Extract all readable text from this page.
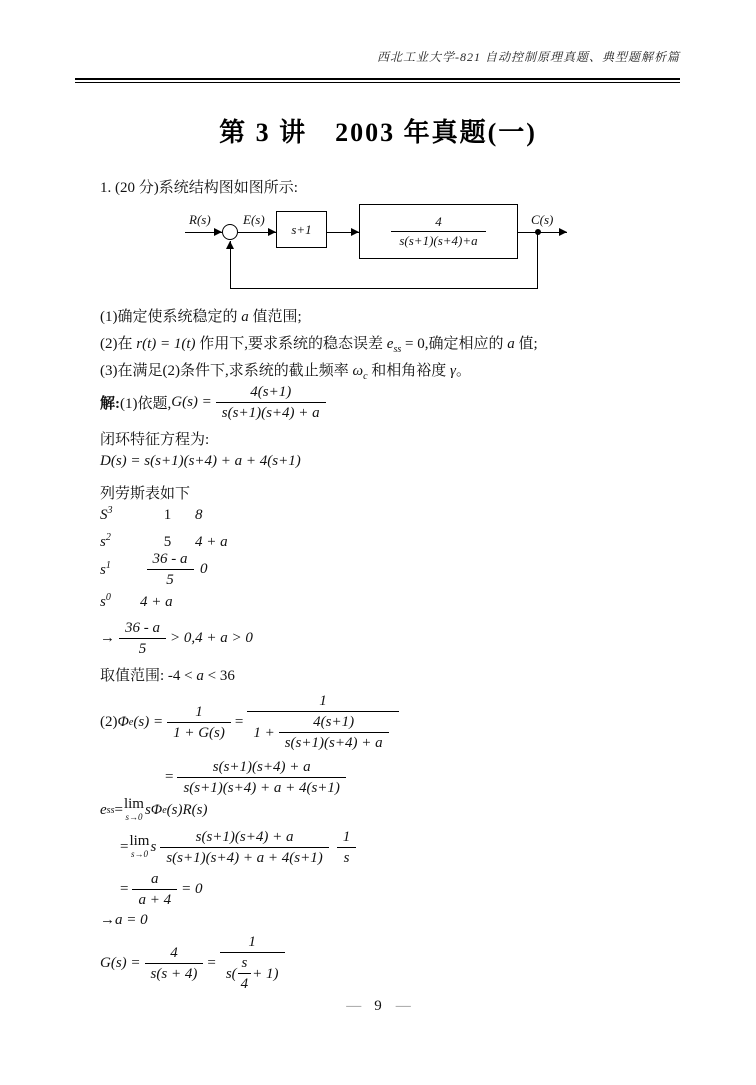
西北工业大学-821 自动控制原理真题、典型题解析篇
第 3 讲　2003 年真题(一)
1. (20 分)系统结构图如图所示:
R(s) E(s)
s+1	$\frac{4}{s(s+1)(s+4)+a}$	C(s)
(1)确定使系统稳定的 a 值范围;
(2)在 r(t) = 1(t) 作用下,要求系统的稳态误差 $e_{ss} = 0$,确定相应的 a 值;
(3)在满足(2)条件下,求系统的截止频率 $\omega_c$ 和相角裕度 γ。
解: (1)依题, $G(s) = \frac{4(s+1)}{s(s+1)(s+4) + a}$
闭环特征方程为:
D(s) = s(s+1)(s+4) + a + 4(s+1)
列劳斯表如下
$S^3$	1 8
$s^2$	5 4 + a
$s^1$	$\frac{36 - a}{5} 0$
$s^0$ 4 + a
→ $\frac{36 - a}{5} > 0,4 + a > 0$
取值范围: -4 < a < 36
(2) Φ e $(s) = \frac{1}{1 + G(s)} = \frac{1}{1 + \frac{4(s+1)}{s(s+1)(s+4) + a}}$
= $\frac{s(s+1)(s+4) + a}{s(s+1)(s+4) + a + 4(s+1)}$
e ss = lim
s→0 s Φ e (s)R(s)
= lim
s→0 s $\frac{s(s+1)(s+4) + a}{s(s+1)(s+4) + a + 4(s+1)} \frac{1}{s}$
= $\frac{a}{a + 4} = 0$
→a = 0
$G(s) = \frac{4}{s(s + 4)} = \frac{1}{s( \frac{s}{4} + 1)}$
— 9 —
